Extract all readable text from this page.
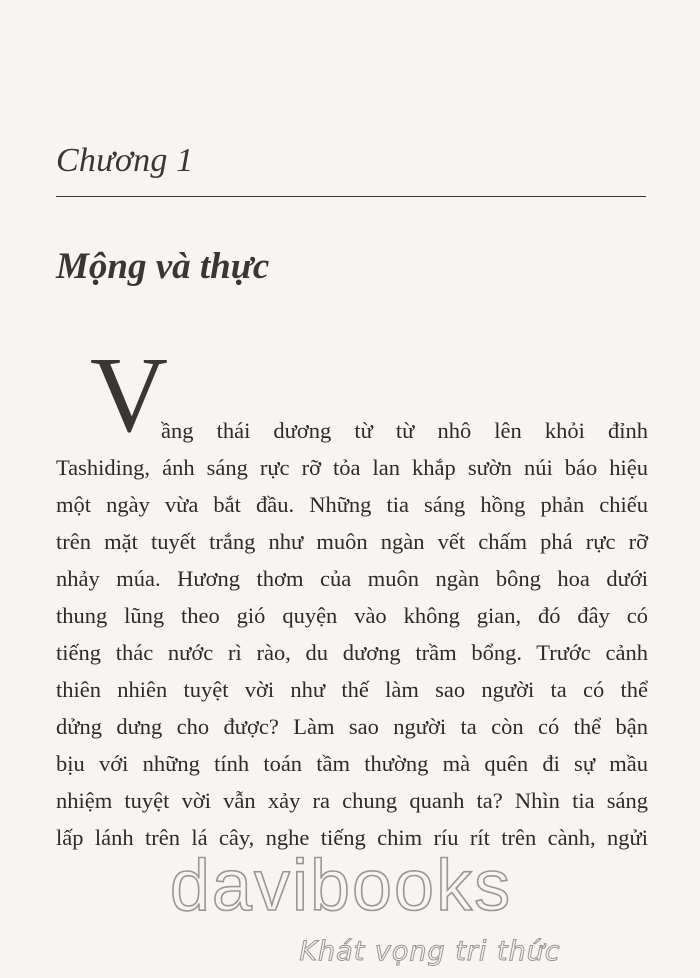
Chương 1
Mộng và thực
V
ầng thái dương từ từ nhô lên khỏi đỉnh
Tashiding, ánh sáng rực rỡ tỏa lan khắp sườn núi báo hiệu
một ngày vừa bắt đầu. Những tia sáng hồng phản chiếu
trên mặt tuyết trắng như muôn ngàn vết chấm phá rực rỡ
nhảy múa. Hương thơm của muôn ngàn bông hoa dưới
thung lũng theo gió quyện vào không gian, đó đây có
tiếng thác nước rì rào, du dương trầm bổng. Trước cảnh
thiên nhiên tuyệt vời như thế làm sao người ta có thể
dửng dưng cho được? Làm sao người ta còn có thể bận
bịu với những tính toán tầm thường mà quên đi sự mầu
nhiệm tuyệt vời vẫn xảy ra chung quanh ta? Nhìn tia sáng
lấp lánh trên lá cây, nghe tiếng chim ríu rít trên cành, ngửi
davibooks
Khát vọng tri thức
